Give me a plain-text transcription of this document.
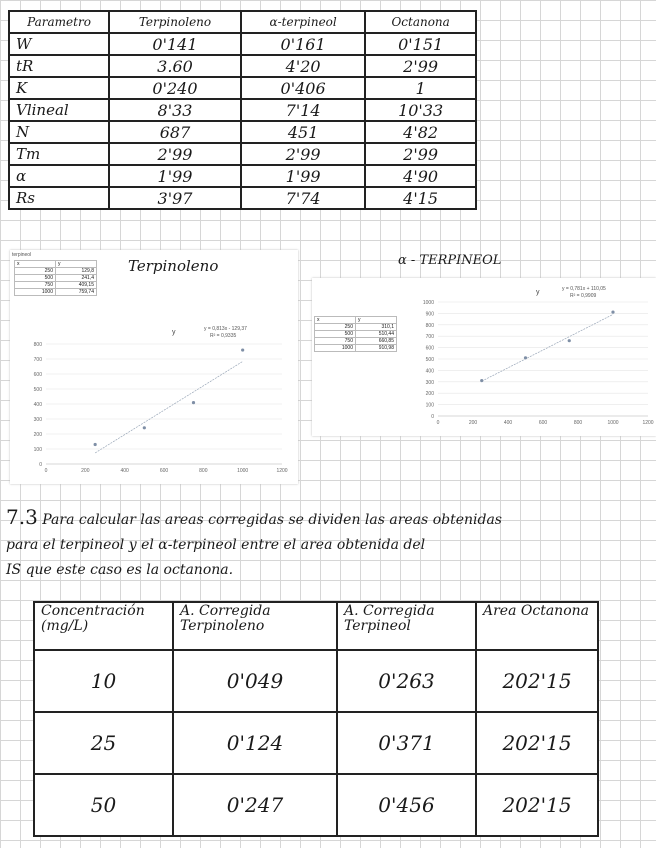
Parametro	Terpinoleno	α-terpineol	Octanona
W	0'141	0'161	0'151
tR	3.60	4'20	2'99
K	0'240	0'406	1
Vlineal	8'33	7'14	10'33
N	687	451	4'82
Tm	2'99	2'99	2'99
α	1'99	1'99	4'90
Rs	3'97	7'74	4'15
terpineol
x	y
250	129,8
500	241,4
750	409,15
1000	759,74
y	y = 0,813x - 129,37
R² = 0,9335
0
100
200
300
400
500
600
700
800
0	200	400	600	800	1000	1200
Terpinoleno	α - TERPINEOL
x	y
250	310,1
500	510,44
750	660,85
1000	910,98
y	y = 0,781x + 110,05
R² = 0,9909
0
100
200
300
400
500
600
700
800
900
1000
0	200	400	600	800	1000	1200
7.3 Para calcular las areas corregidas se dividen las areas obtenidas
para el terpineol y el α-terpineol entre el area obtenida del
IS que este caso es la octanona.
Concentración (mg/L)	A. Corregida Terpinoleno	A. Corregida Terpineol	Area Octanona
10	0'049	0'263	202'15
25	0'124	0'371	202'15
50	0'247	0'456	202'15
